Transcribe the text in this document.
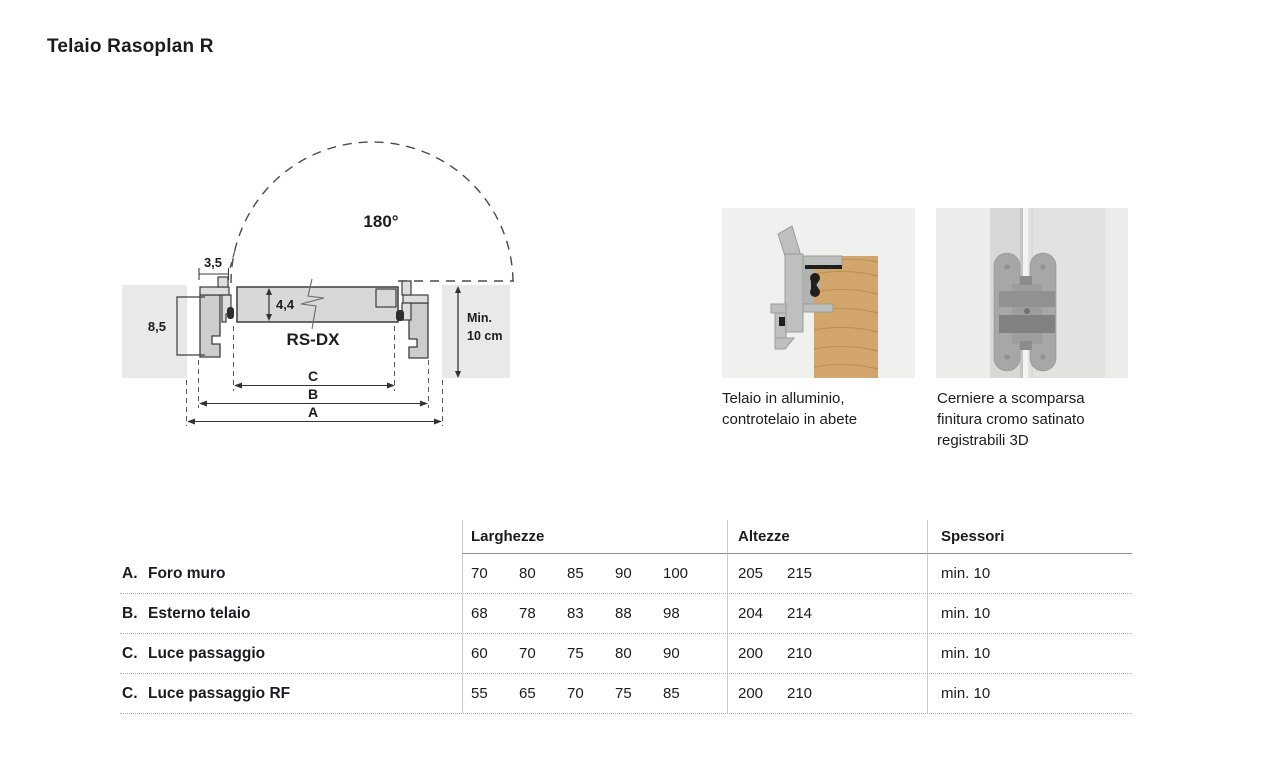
Telaio Rasoplan R
180°
3,5
8,5
4,4
RS-DX
Min.
10 cm
C
B
A
Telaio in alluminio,
controtelaio in abete
Cerniere a scomparsa
finitura cromo satinato
registrabili 3D
Larghezze	Altezze	Spessori
A. Foro muro	70	80	85	90	100	205	215	min. 10
B. Esterno telaio	68	78	83	88	98	204	214	min. 10
C. Luce passaggio	60	70	75	80	90	200	210	min. 10
C. Luce passaggio RF	55	65	70	75	85	200	210	min. 10
